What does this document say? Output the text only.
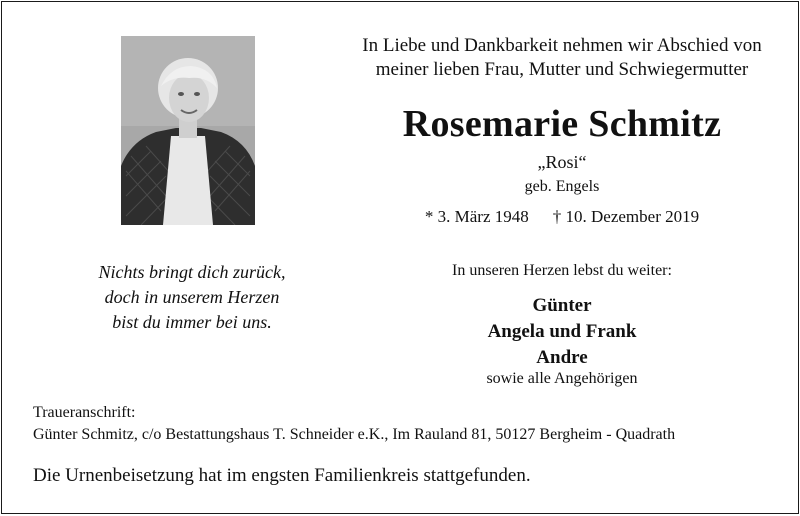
In Liebe und Dankbarkeit nehmen wir Abschied von
meiner lieben Frau, Mutter und Schwiegermutter
Rosemarie Schmitz
„Rosi“
geb. Engels
* 3. März 1948 † 10. Dezember 2019
Nichts bringt dich zurück,
doch in unserem Herzen
bist du immer bei uns.
In unseren Herzen lebst du weiter:
Günter
Angela und Frank
Andre
sowie alle Angehörigen
Traueranschrift:
Günter Schmitz, c/o Bestattungshaus T. Schneider e.K., Im Rauland 81, 50127 Bergheim - Quadrath
Die Urnenbeisetzung hat im engsten Familienkreis stattgefunden.
